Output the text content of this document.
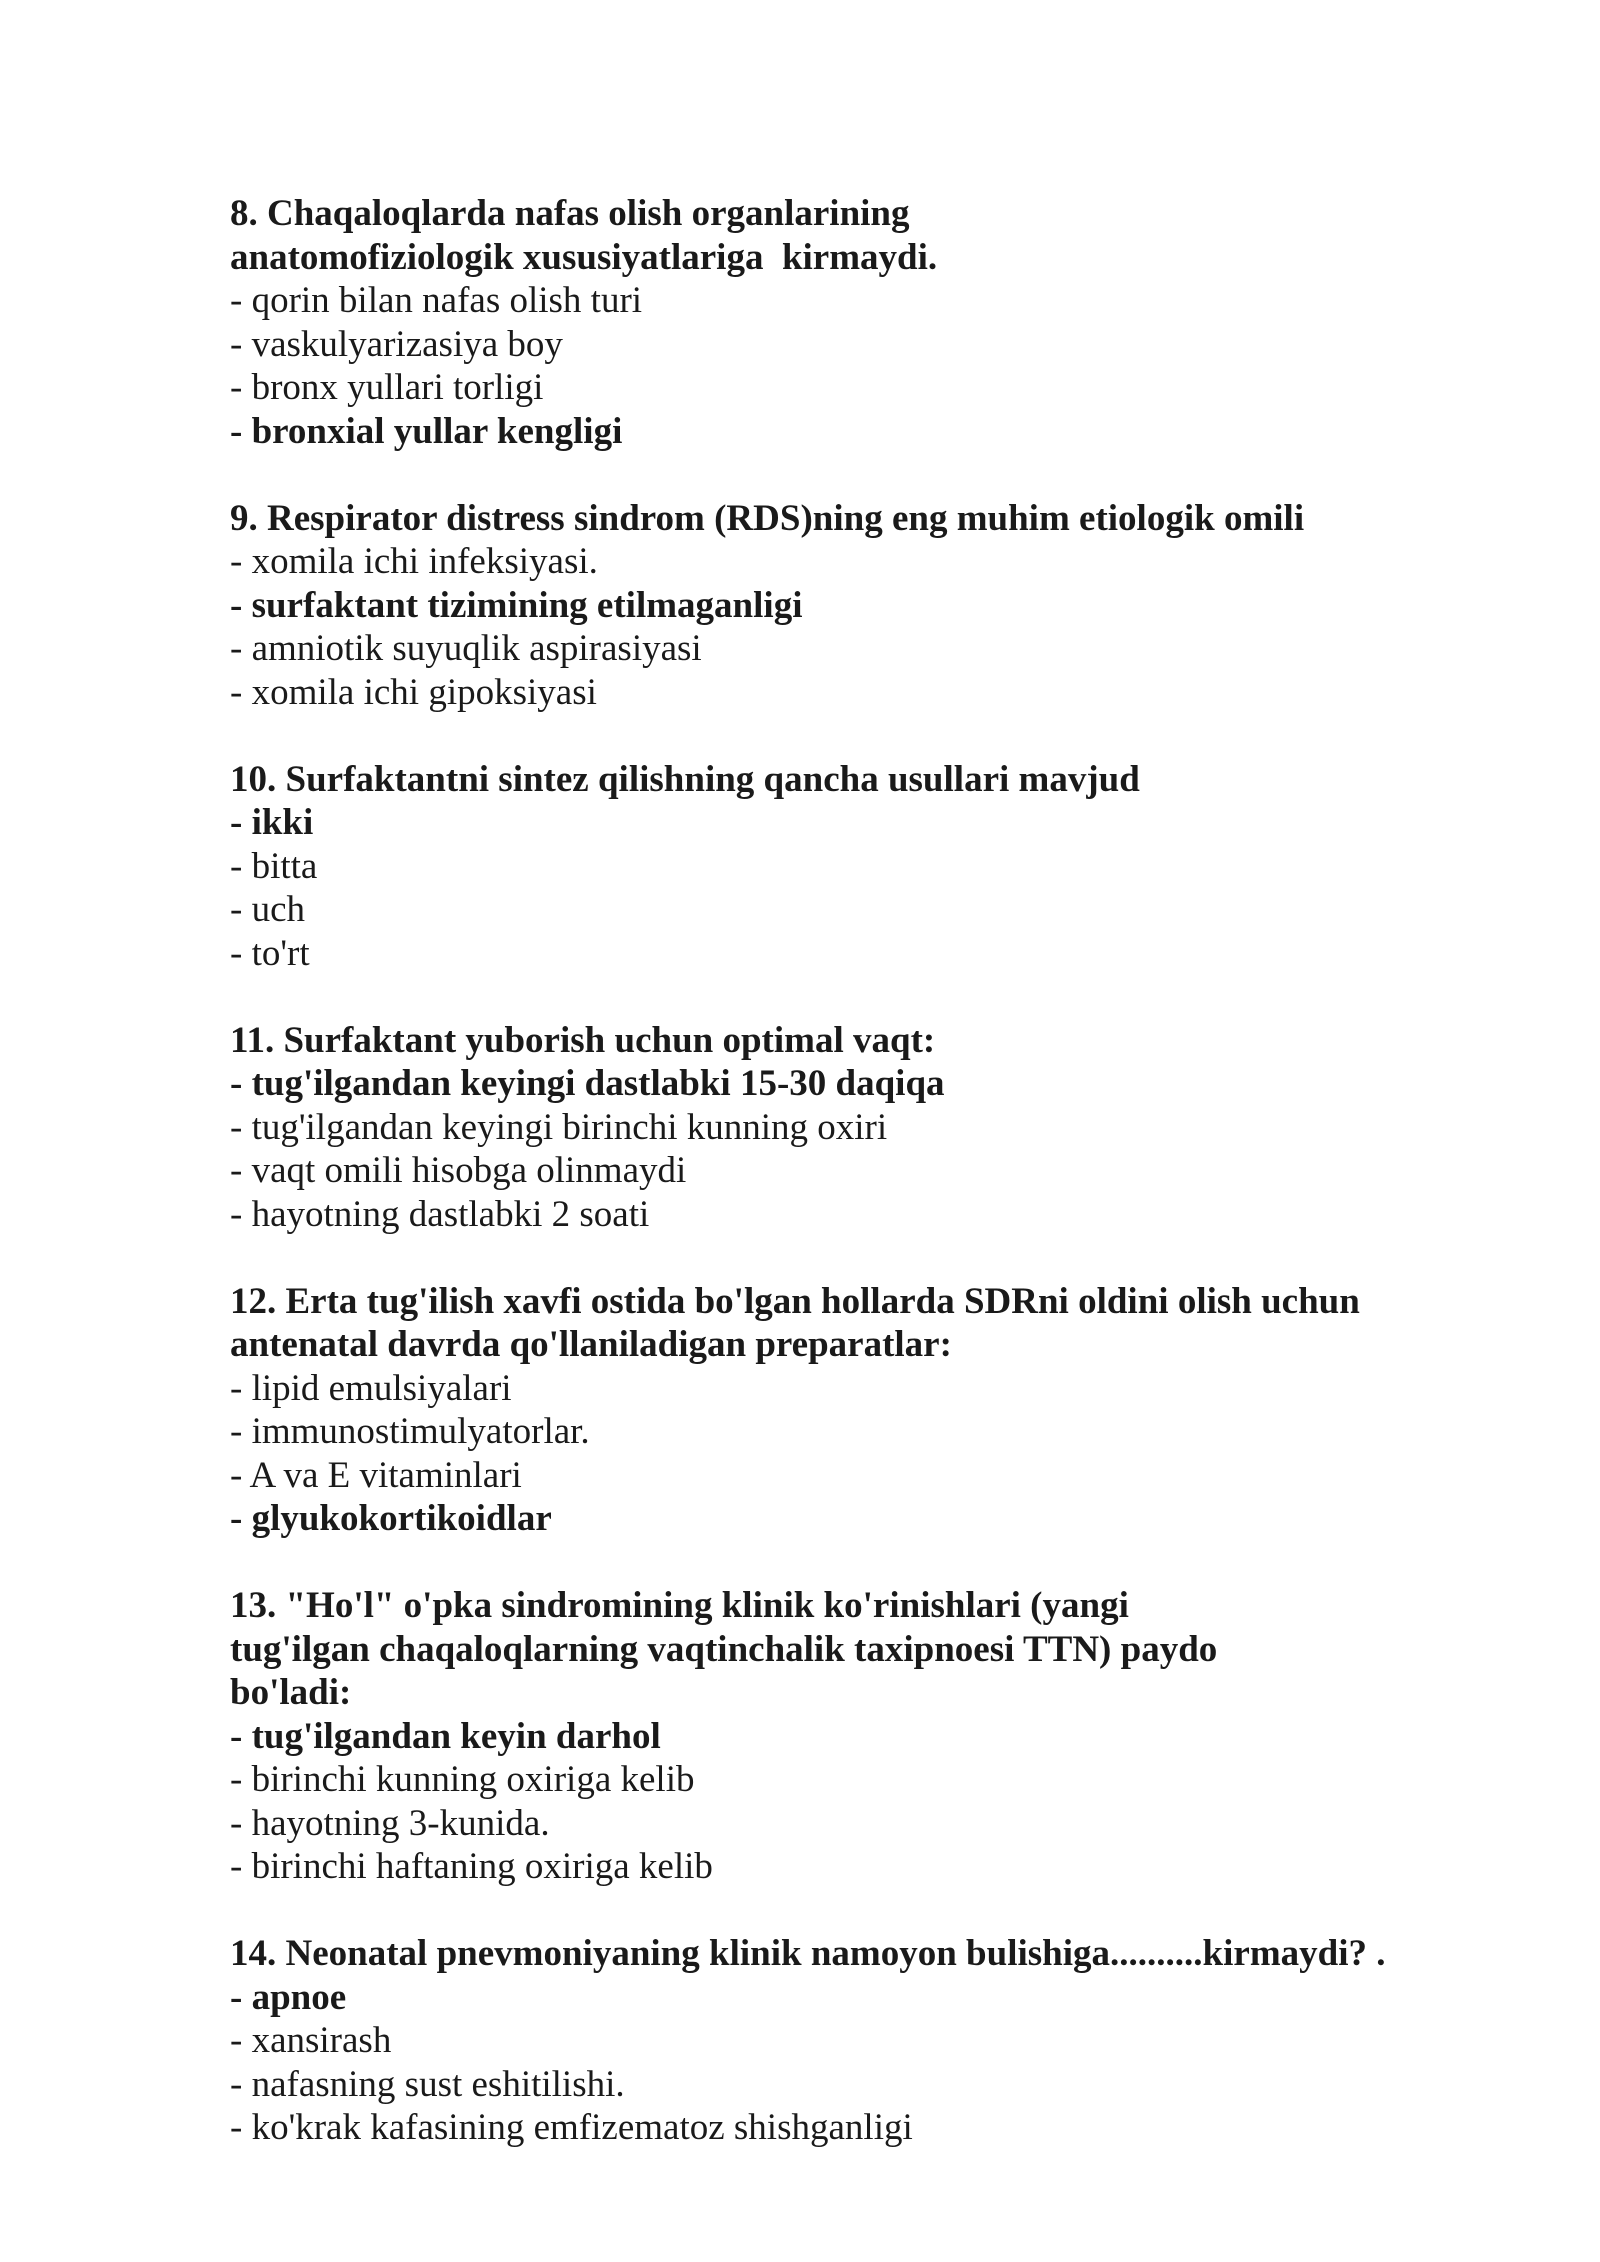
8. Chaqaloqlarda nafas olish organlarining
anatomofiziologik xususiyatlariga  kirmaydi.
- qorin bilan nafas olish turi
- vaskulyarizasiya boy
- bronx yullari torligi
- bronxial yullar kengligi
9. Respirator distress sindrom (RDS)ning eng muhim etiologik omili
- xomila ichi infeksiyasi.
- surfaktant tizimining etilmaganligi
- amniotik suyuqlik aspirasiyasi
- xomila ichi gipoksiyasi
10. Surfaktantni sintez qilishning qancha usullari mavjud
- ikki
- bitta
- uch
- to'rt
11. Surfaktant yuborish uchun optimal vaqt:
- tug'ilgandan keyingi dastlabki 15-30 daqiqa
- tug'ilgandan keyingi birinchi kunning oxiri
- vaqt omili hisobga olinmaydi
- hayotning dastlabki 2 soati
12. Erta tug'ilish xavfi ostida bo'lgan hollarda SDRni oldini olish uchun
antenatal davrda qo'llaniladigan preparatlar:
- lipid emulsiyalari
- immunostimulyatorlar.
- A va E vitaminlari
- glyukokortikoidlar
13. "Ho'l" o'pka sindromining klinik ko'rinishlari (yangi
tug'ilgan chaqaloqlarning vaqtinchalik taxipnoesi TTN) paydo
bo'ladi:
- tug'ilgandan keyin darhol
- birinchi kunning oxiriga kelib
- hayotning 3-kunida.
- birinchi haftaning oxiriga kelib
14. Neonatal pnevmoniyaning klinik namoyon bulishiga..........kirmaydi? .
- apnoe
- xansirash
- nafasning sust eshitilishi.
- ko'krak kafasining emfizematoz shishganligi
